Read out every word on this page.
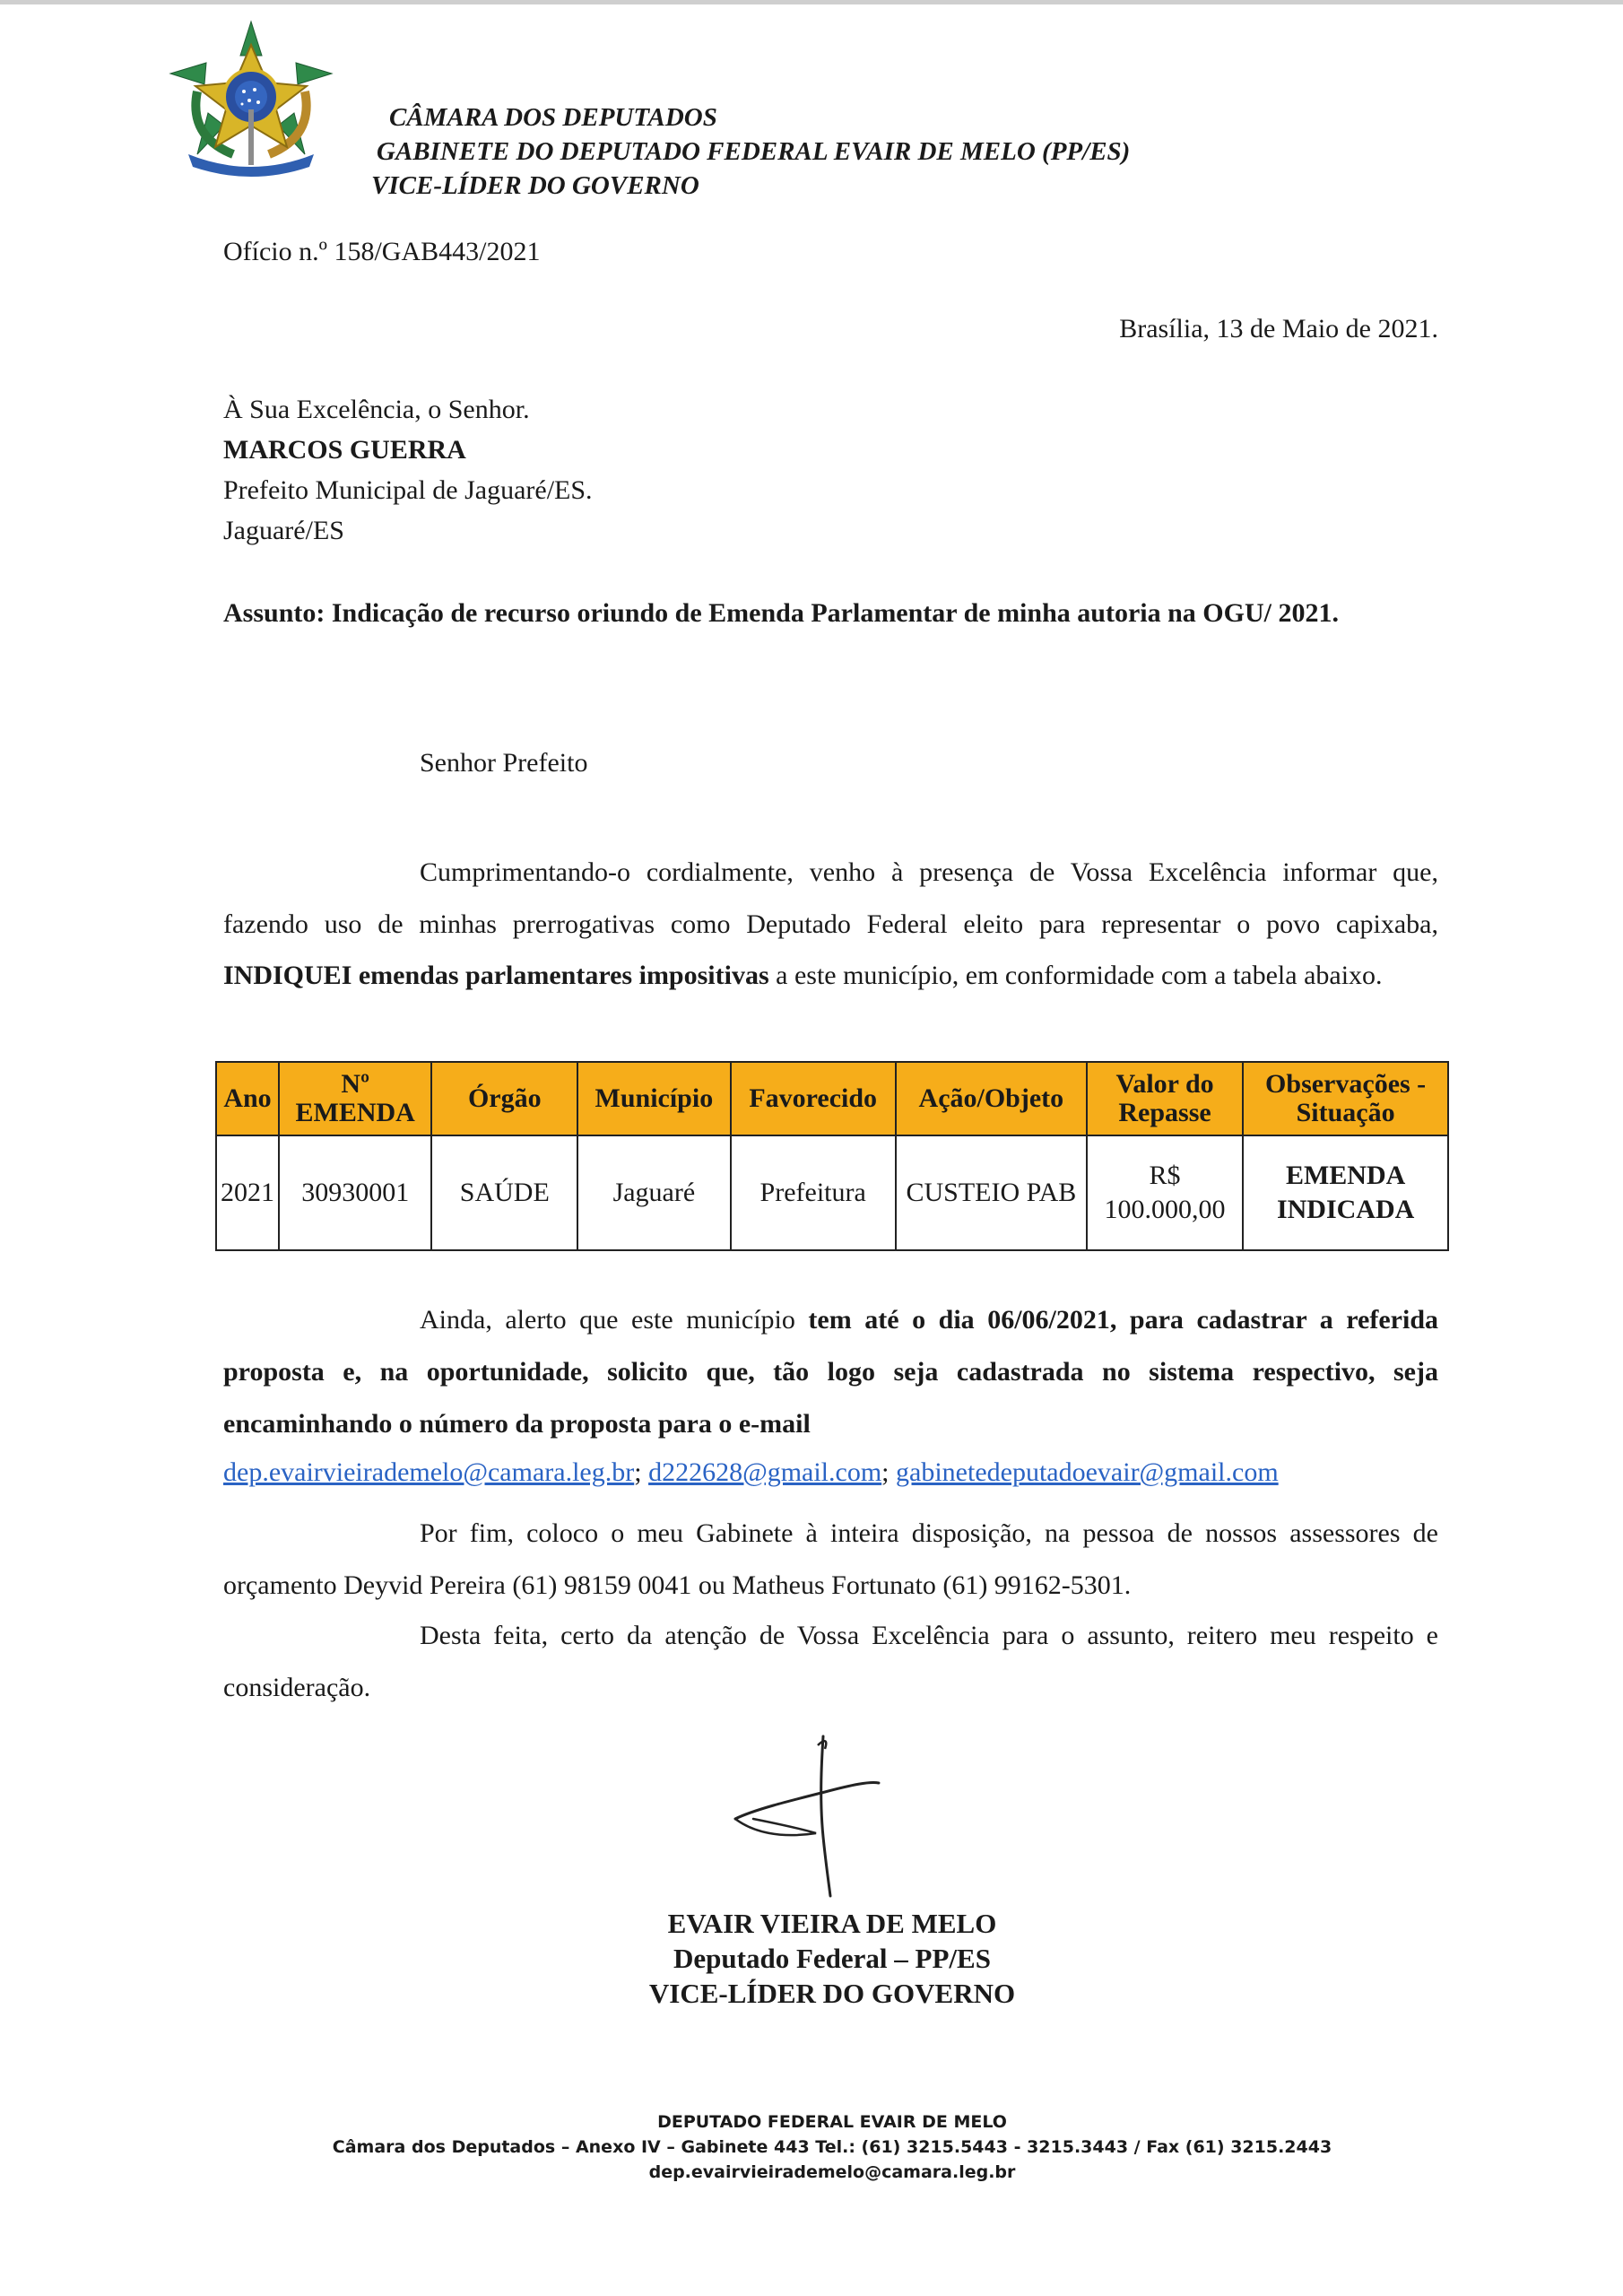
CÂMARA DOS DEPUTADOS
GABINETE DO DEPUTADO FEDERAL EVAIR DE MELO (PP/ES)
VICE-LÍDER DO GOVERNO
Ofício n.º 158/GAB443/2021
Brasília, 13 de Maio de 2021.
À Sua Excelência, o Senhor.
MARCOS GUERRA
Prefeito Municipal de Jaguaré/ES.
Jaguaré/ES
Assunto: Indicação de recurso oriundo de Emenda Parlamentar de minha autoria na OGU/ 2021.
Senhor Prefeito
Cumprimentando-o cordialmente, venho à presença de Vossa Excelência informar que, fazendo uso de minhas prerrogativas como Deputado Federal eleito para representar o povo capixaba, INDIQUEI emendas parlamentares impositivas a este município, em conformidade com a tabela abaixo.
Ano	Nº EMENDA	Órgão	Município	Favorecido	Ação/Objeto	Valor do Repasse	Observações - Situação
2021	30930001	SAÚDE	Jaguaré	Prefeitura	CUSTEIO PAB	R$ 100.000,00	EMENDA INDICADA
Ainda, alerto que este município tem até o dia 06/06/2021, para cadastrar a referida proposta e, na oportunidade, solicito que, tão logo seja cadastrada no sistema respectivo, seja encaminhando o número da proposta para o e-mail
dep.evairvieirademelo@camara.leg.br; d222628@gmail.com; gabinetedeputadoevair@gmail.com
Por fim, coloco o meu Gabinete à inteira disposição, na pessoa de nossos assessores de orçamento Deyvid Pereira (61) 98159 0041 ou Matheus Fortunato (61) 99162-5301.
Desta feita, certo da atenção de Vossa Excelência para o assunto, reitero meu respeito e consideração.
EVAIR VIEIRA DE MELO
Deputado Federal – PP/ES
VICE-LÍDER DO GOVERNO
DEPUTADO FEDERAL EVAIR DE MELO
Câmara dos Deputados – Anexo IV – Gabinete 443 Tel.: (61) 3215.5443 - 3215.3443 / Fax (61) 3215.2443
dep.evairvieirademelo@camara.leg.br
